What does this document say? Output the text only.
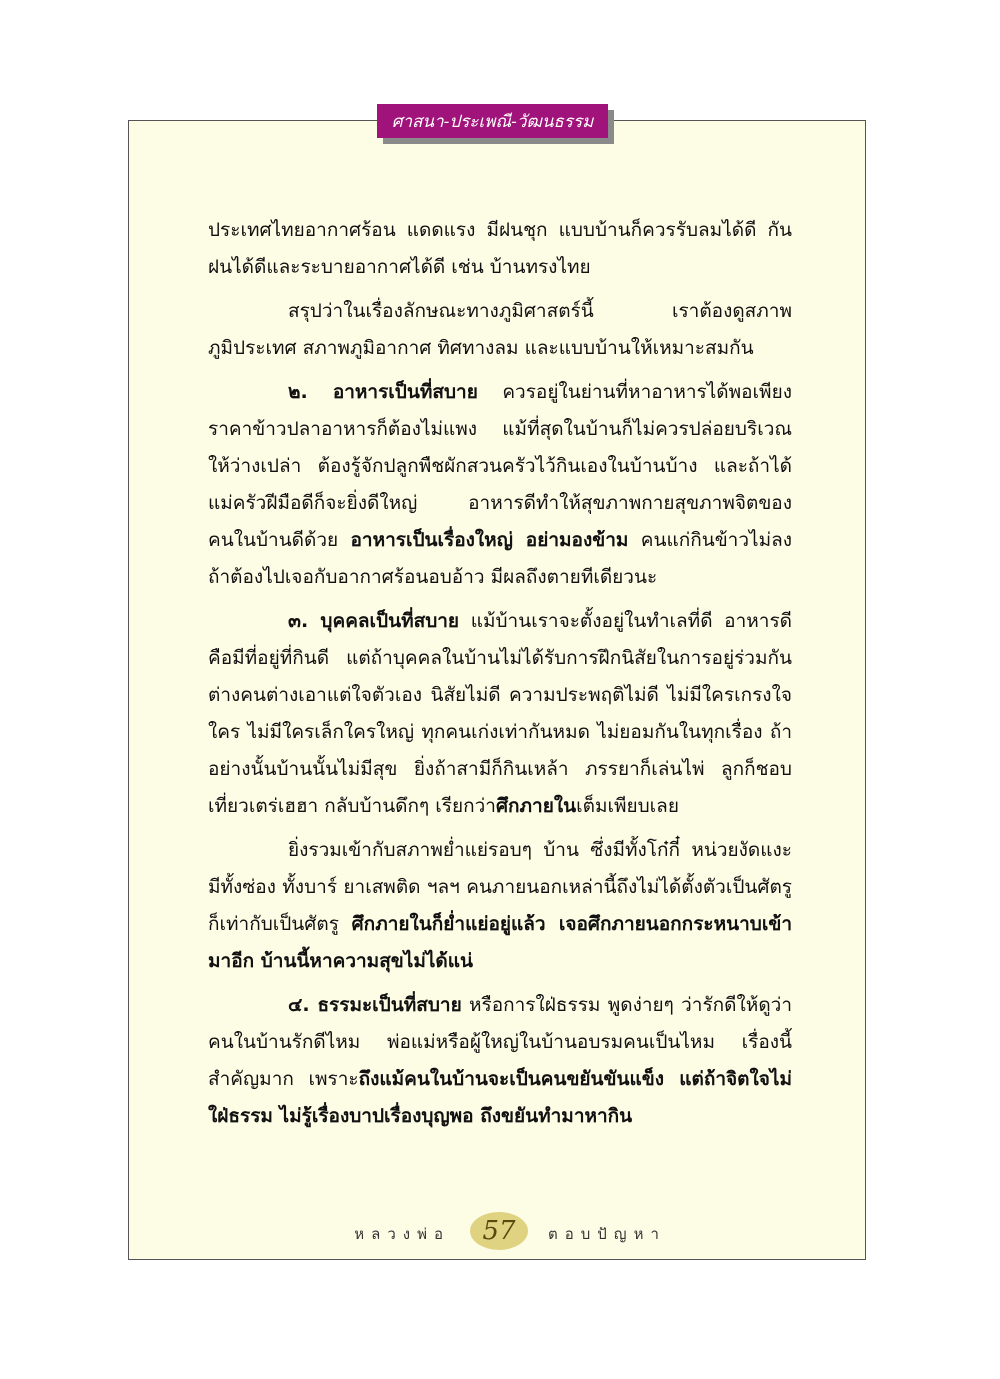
ศาสนา-ประเพณี-วัฒนธรรม

ประเทศไทยอากาศร้อน แดดแรง มีฝนชุก แบบบ้านก็ควรรับลมได้ดี กันฝนได้ดีและระบายอากาศได้ดี เช่น บ้านทรงไทย

สรุปว่าในเรื่องลักษณะทางภูมิศาสตร์นี้ เราต้องดูสภาพภูมิประเทศ สภาพภูมิอากาศ ทิศทางลม และแบบบ้านให้เหมาะสมกัน

๒. อาหารเป็นที่สบาย ควรอยู่ในย่านที่หาอาหารได้พอเพียง ราคาข้าวปลาอาหารก็ต้องไม่แพง แม้ที่สุดในบ้านก็ไม่ควรปล่อยบริเวณให้ว่างเปล่า ต้องรู้จักปลูกพืชผักสวนครัวไว้กินเองในบ้านบ้าง และถ้าได้แม่ครัวฝีมือดีก็จะยิ่งดีใหญ่ อาหารดีทำให้สุขภาพกายสุขภาพจิตของคนในบ้านดีด้วย อาหารเป็นเรื่องใหญ่ อย่ามองข้าม คนแก่กินข้าวไม่ลง ถ้าต้องไปเจอกับอากาศร้อนอบอ้าว มีผลถึงตายทีเดียวนะ

๓. บุคคลเป็นที่สบาย แม้บ้านเราจะตั้งอยู่ในทำเลที่ดี อาหารดี คือมีที่อยู่ที่กินดี แต่ถ้าบุคคลในบ้านไม่ได้รับการฝึกนิสัยในการอยู่ร่วมกัน ต่างคนต่างเอาแต่ใจตัวเอง นิสัยไม่ดี ความประพฤติไม่ดี ไม่มีใครเกรงใจใคร ไม่มีใครเล็กใครใหญ่ ทุกคนเก่งเท่ากันหมด ไม่ยอมกันในทุกเรื่อง ถ้าอย่างนั้นบ้านนั้นไม่มีสุข ยิ่งถ้าสามีก็กินเหล้า ภรรยาก็เล่นไพ่ ลูกก็ชอบเที่ยวเตร่เฮฮา กลับบ้านดึกๆ เรียกว่าศึกภายในเต็มเพียบเลย

ยิ่งรวมเข้ากับสภาพย่ำแย่รอบๆ บ้าน ซึ่งมีทั้งโก๋กี๋ หน่วยงัดแงะ มีทั้งซ่อง ทั้งบาร์ ยาเสพติด ฯลฯ คนภายนอกเหล่านี้ถึงไม่ได้ตั้งตัวเป็นศัตรูก็เท่ากับเป็นศัตรู ศึกภายในก็ย่ำแย่อยู่แล้ว เจอศึกภายนอกกระหนาบเข้ามาอีก บ้านนี้หาความสุขไม่ได้แน่

๔. ธรรมะเป็นที่สบาย หรือการใฝ่ธรรม พูดง่ายๆ ว่ารักดีให้ดูว่าคนในบ้านรักดีไหม พ่อแม่หรือผู้ใหญ่ในบ้านอบรมคนเป็นไหม เรื่องนี้สำคัญมาก เพราะถึงแม้คนในบ้านจะเป็นคนขยันขันแข็ง แต่ถ้าจิตใจไม่ใฝ่ธรรม ไม่รู้เรื่องบาปเรื่องบุญพอ ถึงขยันทำมาหากิน

หลวงพ่อ	57	ตอบปัญหา
